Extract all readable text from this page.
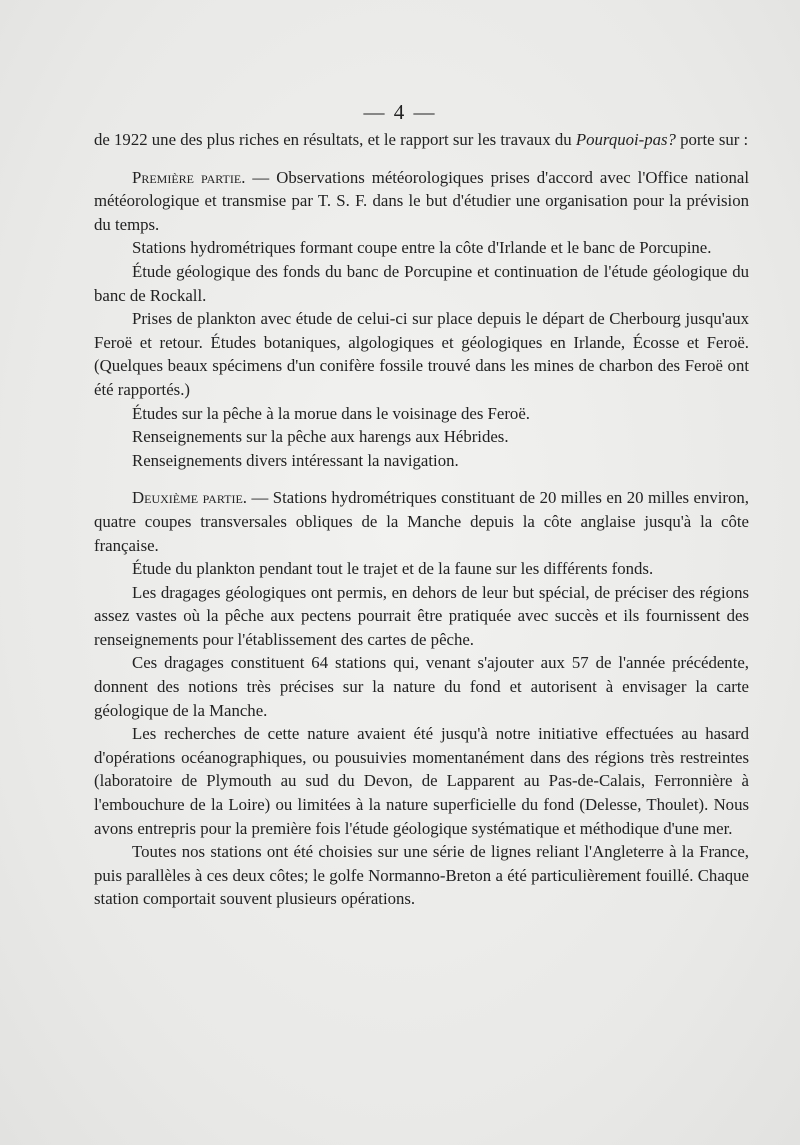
— 4 —

de 1922 une des plus riches en résultats, et le rapport sur les travaux du Pourquoi-pas? porte sur :

Première partie. — Observations météorologiques prises d'accord avec l'Office national météorologique et transmise par T. S. F. dans le but d'étudier une organisation pour la prévision du temps.

Stations hydrométriques formant coupe entre la côte d'Irlande et le banc de Porcupine.

Étude géologique des fonds du banc de Porcupine et continuation de l'étude géologique du banc de Rockall.

Prises de plankton avec étude de celui-ci sur place depuis le départ de Cherbourg jusqu'aux Feroë et retour. Études botaniques, algologiques et géologiques en Irlande, Écosse et Feroë. (Quelques beaux spécimens d'un conifère fossile trouvé dans les mines de charbon des Feroë ont été rapportés.)

Études sur la pêche à la morue dans le voisinage des Feroë.

Renseignements sur la pêche aux harengs aux Hébrides.

Renseignements divers intéressant la navigation.

Deuxième partie. — Stations hydrométriques constituant de 20 milles en 20 milles environ, quatre coupes transversales obliques de la Manche depuis la côte anglaise jusqu'à la côte française.

Étude du plankton pendant tout le trajet et de la faune sur les différents fonds.

Les dragages géologiques ont permis, en dehors de leur but spécial, de préciser des régions assez vastes où la pêche aux pectens pourrait être pratiquée avec succès et ils fournissent des renseignements pour l'établissement des cartes de pêche.

Ces dragages constituent 64 stations qui, venant s'ajouter aux 57 de l'année précédente, donnent des notions très précises sur la nature du fond et autorisent à envisager la carte géologique de la Manche.

Les recherches de cette nature avaient été jusqu'à notre initiative effectuées au hasard d'opérations océanographiques, ou pousuivies momentanément dans des régions très restreintes (laboratoire de Plymouth au sud du Devon, de Lapparent au Pas-de-Calais, Ferronnière à l'embouchure de la Loire) ou limitées à la nature superficielle du fond (Delesse, Thoulet). Nous avons entrepris pour la première fois l'étude géologique systématique et méthodique d'une mer.

Toutes nos stations ont été choisies sur une série de lignes reliant l'Angleterre à la France, puis parallèles à ces deux côtes; le golfe Normanno-Breton a été particulièrement fouillé. Chaque station comportait souvent plusieurs opérations.
